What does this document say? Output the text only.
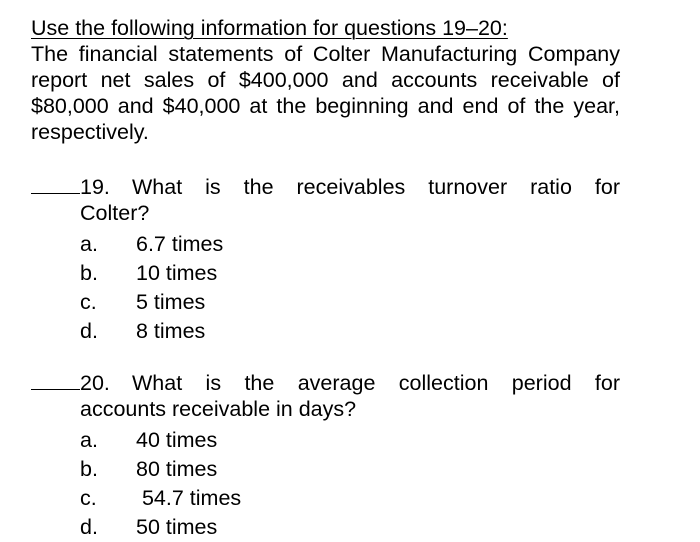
Use the following information for questions 19–20:

The financial statements of Colter Manufacturing Company report net sales of $400,000 and accounts receivable of $80,000 and $40,000 at the beginning and end of the year, respectively.

19.	What is the receivables turnover ratio for
Colter?
a. 6.7 times
b. 10 times
c. 5 times
d. 8 times
20.	What is the average collection period for
accounts receivable in days?
a. 40 times
b. 80 times
c. 54.7 times
d. 50 times
